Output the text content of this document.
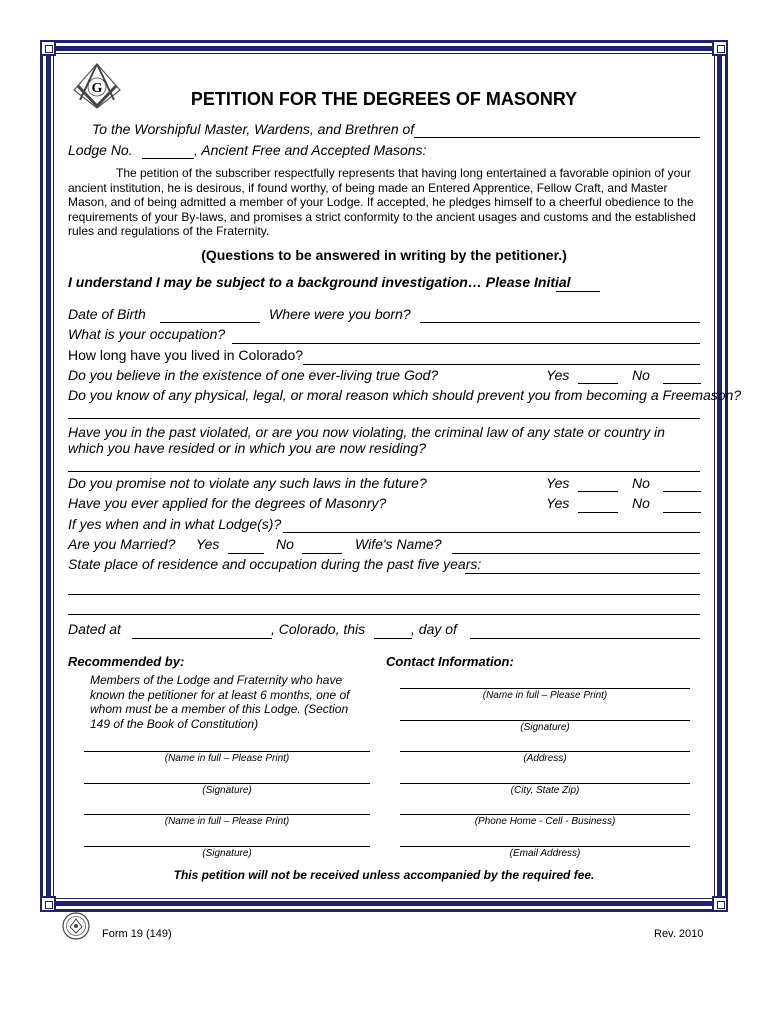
G
PETITION FOR THE DEGREES OF MASONRY
To the Worshipful Master, Wardens, and Brethren of
Lodge No.	, Ancient Free and Accepted Masons:
The petition of the subscriber respectfully represents that having long entertained a favorable opinion of your
ancient institution, he is desirous, if found worthy, of being made an Entered Apprentice, Fellow Craft, and Master Mason, and of being admitted a member of your Lodge. If accepted, he pledges himself to a cheerful obedience to the requirements of your By-laws, and promises a strict conformity to the ancient usages and customs and the established rules and regulations of the Fraternity.
(Questions to be answered in writing by the petitioner.)
I understand I may be subject to a background investigation… Please Initial
Date of Birth	Where were you born?
What is your occupation?
How long have you lived in Colorado?
Do you believe in the existence of one ever-living true God?	Yes	No
Do you know of any physical, legal, or moral reason which should prevent you from becoming a Freemason?
Have you in the past violated, or are you now violating, the criminal law of any state or country in which you have resided or in which you are now residing?
Do you promise not to violate any such laws in the future?	Yes	No
Have you ever applied for the degrees of Masonry?	Yes	No
If yes when and in what Lodge(s)?
Are you Married? Yes	No	Wife's Name?
State place of residence and occupation during the past five years:
Dated at	, Colorado, this	, day of
Recommended by:
Members of the Lodge and Fraternity who have known the petitioner for at least 6 months, one of whom must be a member of this Lodge. (Section 149 of the Book of Constitution)
Contact Information:
(Name in full – Please Print)
(Signature)
(Name in full – Please Print)
(Signature)
(Name in full – Please Print)
(Signature)
(Address)
(City, State Zip)
(Phone Home - Cell - Business)
(Email Address)
This petition will not be received unless accompanied by the required fee.
Form 19 (149)	Rev. 2010
